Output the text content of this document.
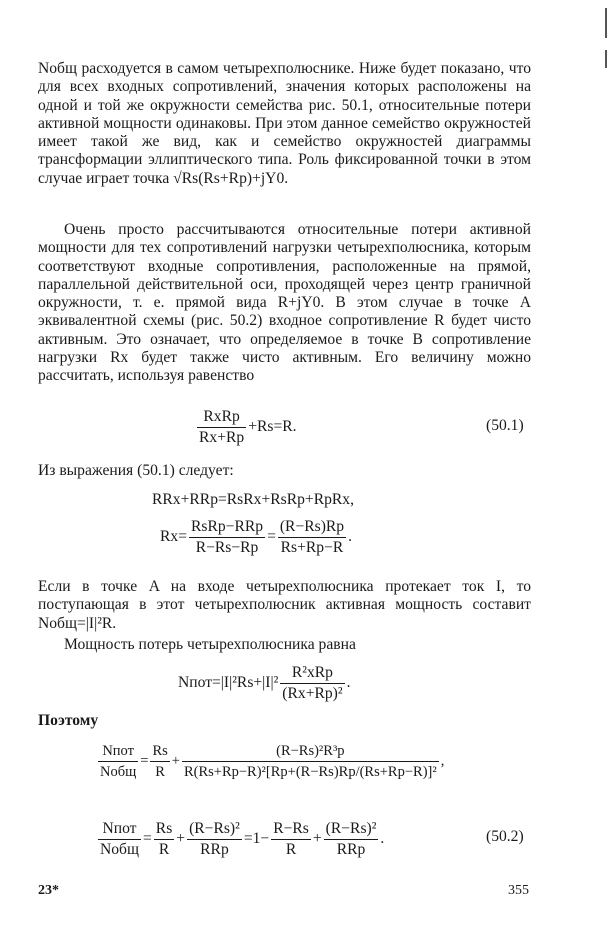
Nобщ расходуется в самом четырехполюснике. Ниже будет показано, что для всех входных сопротивлений, значения которых расположены на одной и той же окружности семейства рис. 50.1, относительные потери активной мощности одинаковы. При этом данное семейство окружностей имеет такой же вид, как и семейство окружностей диаграммы трансформации эллиптического типа. Роль фиксированной точки в этом случае играет точка √Rs(Rs+Rp)+jY0.

Очень просто рассчитываются относительные потери активной мощности для тех сопротивлений нагрузки четырехполюсника, которым соответствуют входные сопротивления, расположенные на прямой, параллельной действительной оси, проходящей через центр граничной окружности, т. е. прямой вида R+jY0. В этом случае в точке A эквивалентной схемы (рис. 50.2) входное сопротивление R будет чисто активным. Это означает, что определяемое в точке B сопротивление нагрузки Rx будет также чисто активным. Его величину можно рассчитать, используя равенство

$\frac{\text{RxRp}}{Rx+Rp} +Rs=R$.	(50.1)

Из выражения (50.1) следует:

RRx+RRp=RsRx+RsRp+RpRx,
$Rx= \frac{\text{RsRp−RRp}}{R-Rs-Rp} = \frac{(R-Rs)Rp}{Rs+Rp-R}$ .

Если в точке A на входе четырехполюсника протекает ток I, то поступающая в этот четырехполюсник активная мощность составит Nобщ=|I|²R.

Мощность потерь четырехполюсника равна

Nпот=|I|²Rs+|I|² $\frac{\text{R²xRp}}{\text{(Rx+Rp)²}}$ .

Поэтому

$\frac{\text{Nпот}}{\text{Nобщ}} = \frac{Rs}{R} + \frac{\text{(R−Rs)²R³p}}{\text{R(Rs+Rp−R)²[Rp+(R−Rs)Rp/(Rs+Rp−R)]²}}$ ,
$\frac{\text{Nпот}}{\text{Nобщ}} = \frac{Rs}{R} + \frac{\text{(R−Rs)²}}{\text{RRp}} =1- \frac{R-Rs}{R} + \frac{\text{(R−Rs)²}}{\text{RRp}}$ .	(50.2)
23*	355
